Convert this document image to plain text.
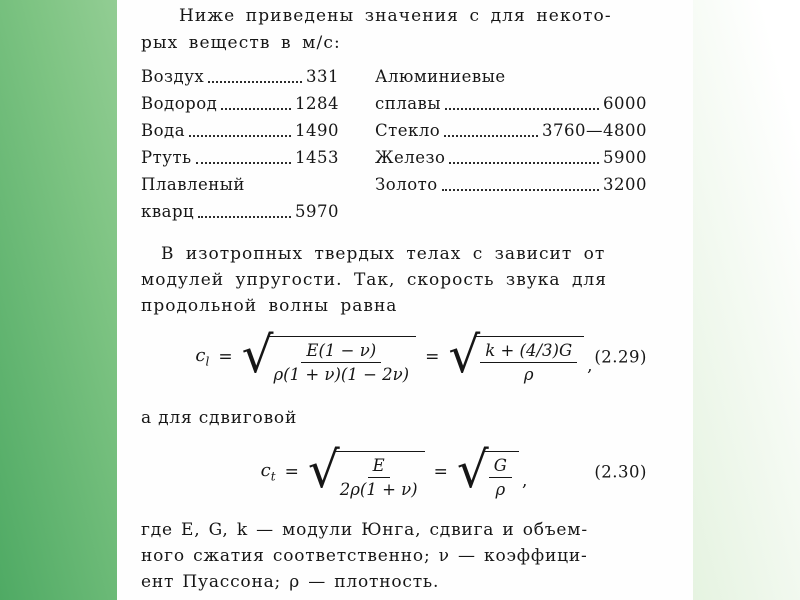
Ниже приведены значения c для некото-
рых веществ в м/с:
Воздух	331
Водород	1284
Вода	1490
Ртуть	1453
Плавленый
кварц	5970
Алюминиевые
сплавы	6000
Стекло	3760—4800
Железо	5900
Золото	3200
В изотропных твердых телах c зависит от
модулей упругости. Так, скорость звука для
продольной волны равна
$c_l$ = √ $\frac{E(1 - \nu)}{\rho(1 + \nu)(1 - 2\nu)}$ = √ $\frac{k + (4/3)G}{\rho}$ , (2.29)
а для сдвиговой
$c_t$ = √ $\frac{E}{2\rho(1 + \nu)}$ = √ $\frac{G}{\rho}$ ,	(2.30)
где E, G, k — модули Юнга, сдвига и объем-
ного сжатия соответственно; ν — коэффици-
ент Пуассона; ρ — плотность.
